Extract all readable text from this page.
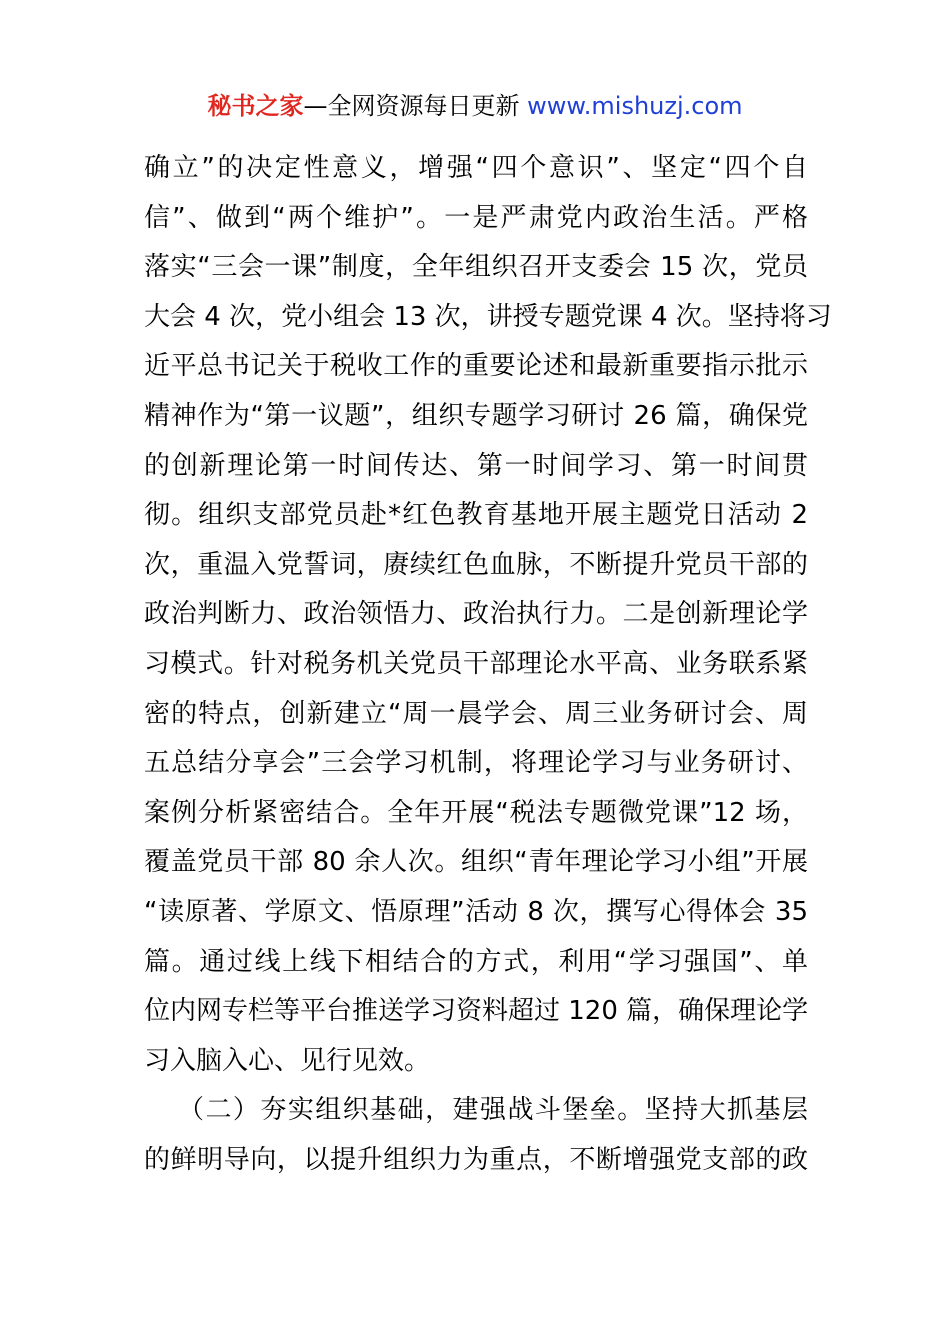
秘书之家—全网资源每日更新 www.mishuzj.com
确立”的决定性意义，增强“四个意识”、坚定“四个自
信”、做到“两个维护”。一是严肃党内政治生活。严格
落实“三会一课”制度，全年组织召开支委会 15 次，党员
大会 4 次，党小组会 13 次，讲授专题党课 4 次。坚持将习
近平总书记关于税收工作的重要论述和最新重要指示批示
精神作为“第一议题”，组织专题学习研讨 26 篇，确保党
的创新理论第一时间传达、第一时间学习、第一时间贯
彻。组织支部党员赴*红色教育基地开展主题党日活动 2
次，重温入党誓词，赓续红色血脉，不断提升党员干部的
政治判断力、政治领悟力、政治执行力。二是创新理论学
习模式。针对税务机关党员干部理论水平高、业务联系紧
密的特点，创新建立“周一晨学会、周三业务研讨会、周
五总结分享会”三会学习机制，将理论学习与业务研讨、
案例分析紧密结合。全年开展“税法专题微党课”12 场，
覆盖党员干部 80 余人次。组织“青年理论学习小组”开展
“读原著、学原文、悟原理”活动 8 次，撰写心得体会 35
篇。通过线上线下相结合的方式，利用“学习强国”、单
位内网专栏等平台推送学习资料超过 120 篇，确保理论学
习入脑入心、见行见效。
（二）夯实组织基础，建强战斗堡垒。坚持大抓基层
的鲜明导向，以提升组织力为重点，不断增强党支部的政
